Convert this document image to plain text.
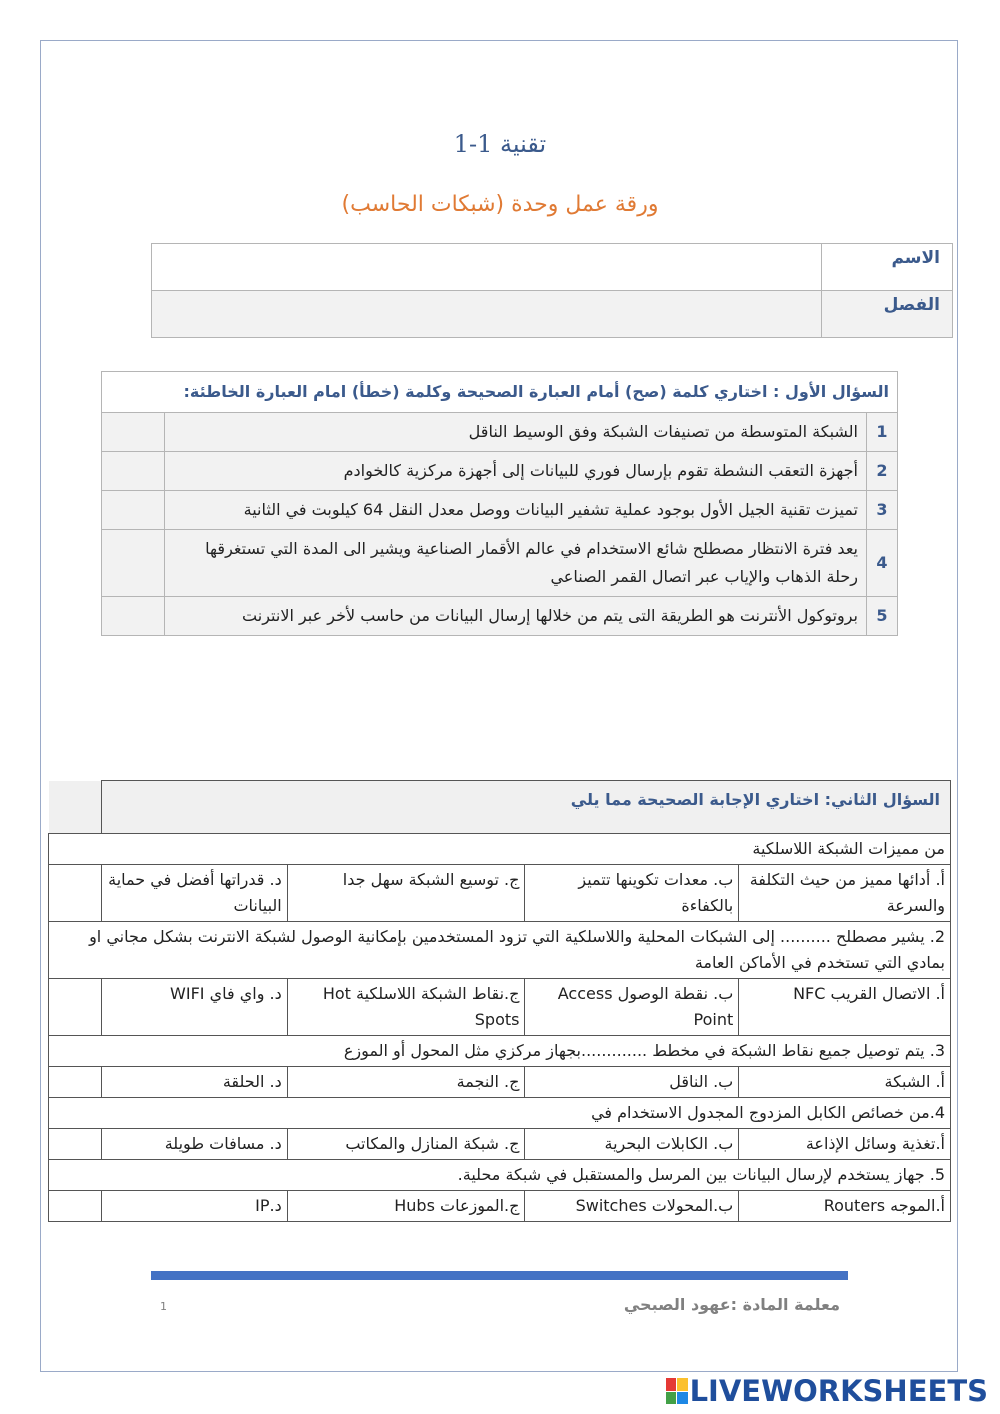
تقنية 1-1
ورقة عمل وحدة (شبكات الحاسب)
الاسم	
الفصل	
السؤال الأول : اختاري كلمة (صح) أمام العبارة الصحيحة وكلمة (خطأ) امام العبارة الخاطئة:		
1	الشبكة المتوسطة من تصنيفات الشبكة وفق الوسيط الناقل	
2	أجهزة التعقب النشطة تقوم بإرسال فوري للبيانات إلى أجهزة مركزية كالخوادم	
3	تميزت تقنية الجيل الأول بوجود عملية تشفير البيانات ووصل معدل النقل 64 كيلوبت في الثانية	
4	يعد فترة الانتظار مصطلح شائع الاستخدام في عالم الأقمار الصناعية ويشير الى المدة التي تستغرقها رحلة الذهاب والإياب عبر اتصال القمر الصناعي	
5	بروتوكول الأنترنت هو الطريقة التى يتم من خلالها إرسال البيانات من حاسب لأخر عبر الانترنت	
السؤال الثاني: اختاري الإجابة الصحيحة مما يلي				
من مميزات الشبكة اللاسلكية				
أ. أدائها مميز من حيث التكلفة والسرعة	ب. معدات تكوينها تتميز بالكفاءة	ج. توسيع الشبكة سهل جدا	د. قدراتها أفضل في حماية البيانات	
2. يشير مصطلح .......... إلى الشبكات المحلية واللاسلكية التي تزود المستخدمين بإمكانية الوصول لشبكة الانترنت بشكل مجاني او بمادي التي تستخدم في الأماكن العامة				
أ. الاتصال القريب NFC	ب. نقطة الوصول Access Point	ج.نقاط الشبكة اللاسلكية Hot Spots	د. واي فاي WIFI	
3. يتم توصيل جميع نقاط الشبكة في مخطط .............بجهاز مركزي مثل المحول أو الموزع				
أ. الشبكة	ب. الناقل	ج. النجمة	د. الحلقة	
4.من خصائص الكابل المزدوج المجدول الاستخدام في				
أ.تغذية وسائل الإذاعة	ب. الكابلات البحرية	ج. شبكة المنازل والمكاتب	د. مسافات طويلة	
5. جهاز يستخدم لإرسال البيانات بين المرسل والمستقبل في شبكة محلية.				
أ.الموجه Routers	ب.المحولات Switches	ج.الموزعات Hubs	د.IP	
معلمة المادة :عهود الصبحي
1
LIVEWORKSHEETS
